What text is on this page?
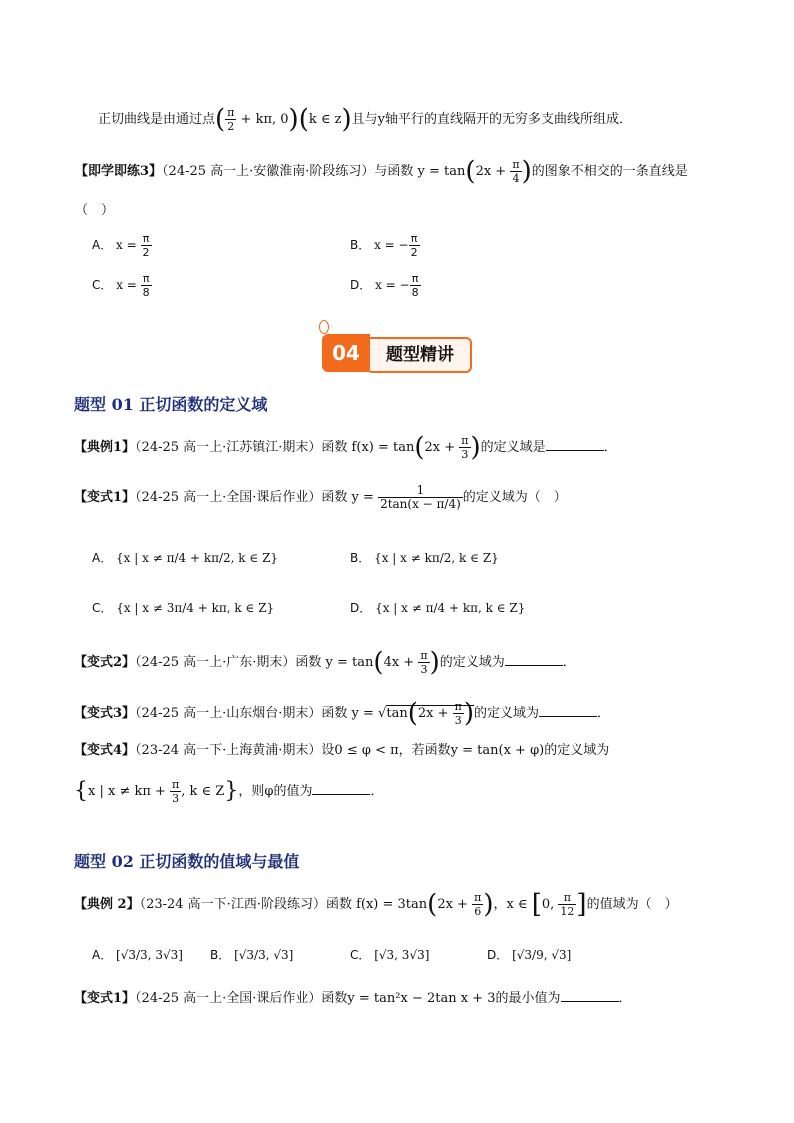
正切曲线是由通过点( $\frac{\pi}{2} + k\pi$, 0)(k ∈ z)且与y轴平行的直线隔开的无穷多支曲线所组成．
【即学即练3】（24-25 高一上·安徽淮南·阶段练习）与函数 $y = \tan(2x + \frac{\pi}{4}$ )的图象不相交的一条直线是
（　）
A． $x = \frac{\pi}{2}$	B． x = − $\frac{\pi}{2}$
C． $x = \frac{\pi}{8}$	D． x = − $\frac{\pi}{8}$
04	题型精讲
题型 01 正切函数的定义域
【典例1】（24-25 高一上·江苏镇江·期末）函数 $f(x) = \tan(2x + \frac{\pi}{3}$ )的定义域是	．
【变式1】（24-25 高一上·全国·课后作业）函数 $y = \frac{1}{2\tan(x - \pi/4)}$ 的定义域为（　）
A． {x | x ≠ π/4 + kπ/2, k ∈ Z}	B． {x | x ≠ kπ/2, k ∈ Z}
C． {x | x ≠ 3π/4 + kπ, k ∈ Z}	D． {x | x ≠ π/4 + kπ, k ∈ Z}
【变式2】（24-25 高一上·广东·期末）函数 $y = \tan(4x + \frac{\pi}{3}$ )的定义域为	．
【变式3】（24-25 高一上·山东烟台·期末）函数 $y = √\tan(2x + \frac{\pi}{3}$ )的定义域为	．
【变式4】（23-24 高一下·上海黄浦·期末）设0 ≤ φ < π，若函数y = tan(x + φ)的定义域为
{x | $x \ne k\pi + \frac{\pi}{3}$ , k ∈ Z}，则φ的值为	．
题型 02 正切函数的值域与最值
【典例 2】（23-24 高一下·江西·阶段练习）函数 $f(x) = 3\tan(2x + \frac{\pi}{6}$ )，x ∈ [0, $\frac{\pi}{12}$ ]的值域为（　）
A． [√3/3, 3√3] B． [√3/3, √3]	C． [√3, 3√3]	D． [√3/9, √3]
【变式1】（24-25 高一上·全国·课后作业）函数y = tan²x − 2tan x + 3的最小值为	．
